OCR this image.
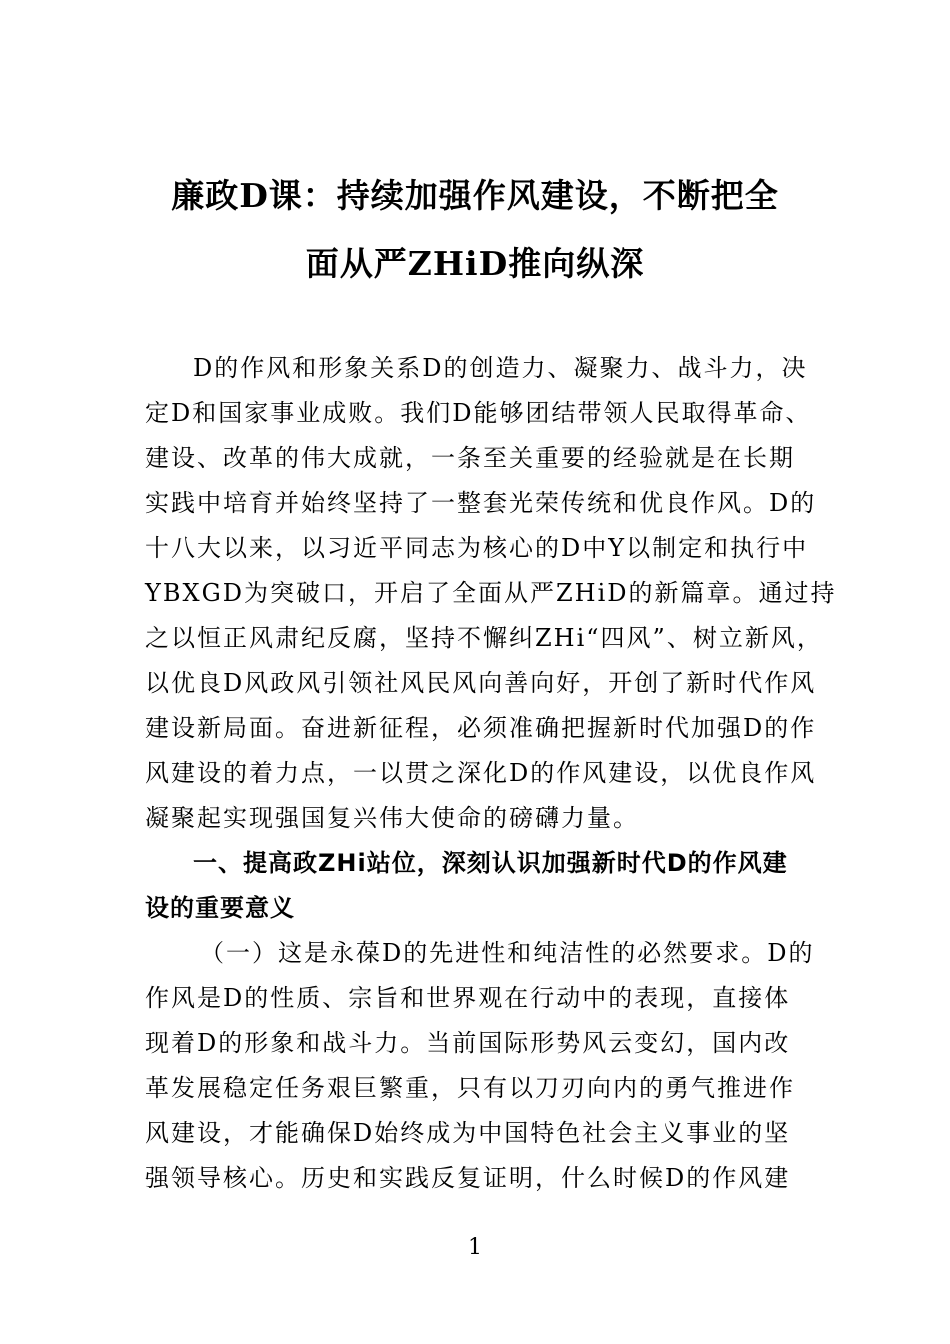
廉政D课：持续加强作风建设，不断把全
面从严ZHiD推向纵深
D的作风和形象关系D的创造力、凝聚力、战斗力，决
定D和国家事业成败。我们D能够团结带领人民取得革命、
建设、改革的伟大成就，一条至关重要的经验就是在长期
实践中培育并始终坚持了一整套光荣传统和优良作风。D的
十八大以来，以习近平同志为核心的D中Y以制定和执行中
YBXGD为突破口，开启了全面从严ZHiD的新篇章。通过持
之以恒正风肃纪反腐，坚持不懈纠ZHi“四风”、树立新风，
以优良D风政风引领社风民风向善向好，开创了新时代作风
建设新局面。奋进新征程，必须准确把握新时代加强D的作
风建设的着力点，一以贯之深化D的作风建设，以优良作风
凝聚起实现强国复兴伟大使命的磅礴力量。
一、提高政ZHi站位，深刻认识加强新时代D的作风建
设的重要意义
（一）这是永葆D的先进性和纯洁性的必然要求。D的
作风是D的性质、宗旨和世界观在行动中的表现，直接体
现着D的形象和战斗力。当前国际形势风云变幻，国内改
革发展稳定任务艰巨繁重，只有以刀刃向内的勇气推进作
风建设，才能确保D始终成为中国特色社会主义事业的坚
强领导核心。历史和实践反复证明，什么时候D的作风建
1
